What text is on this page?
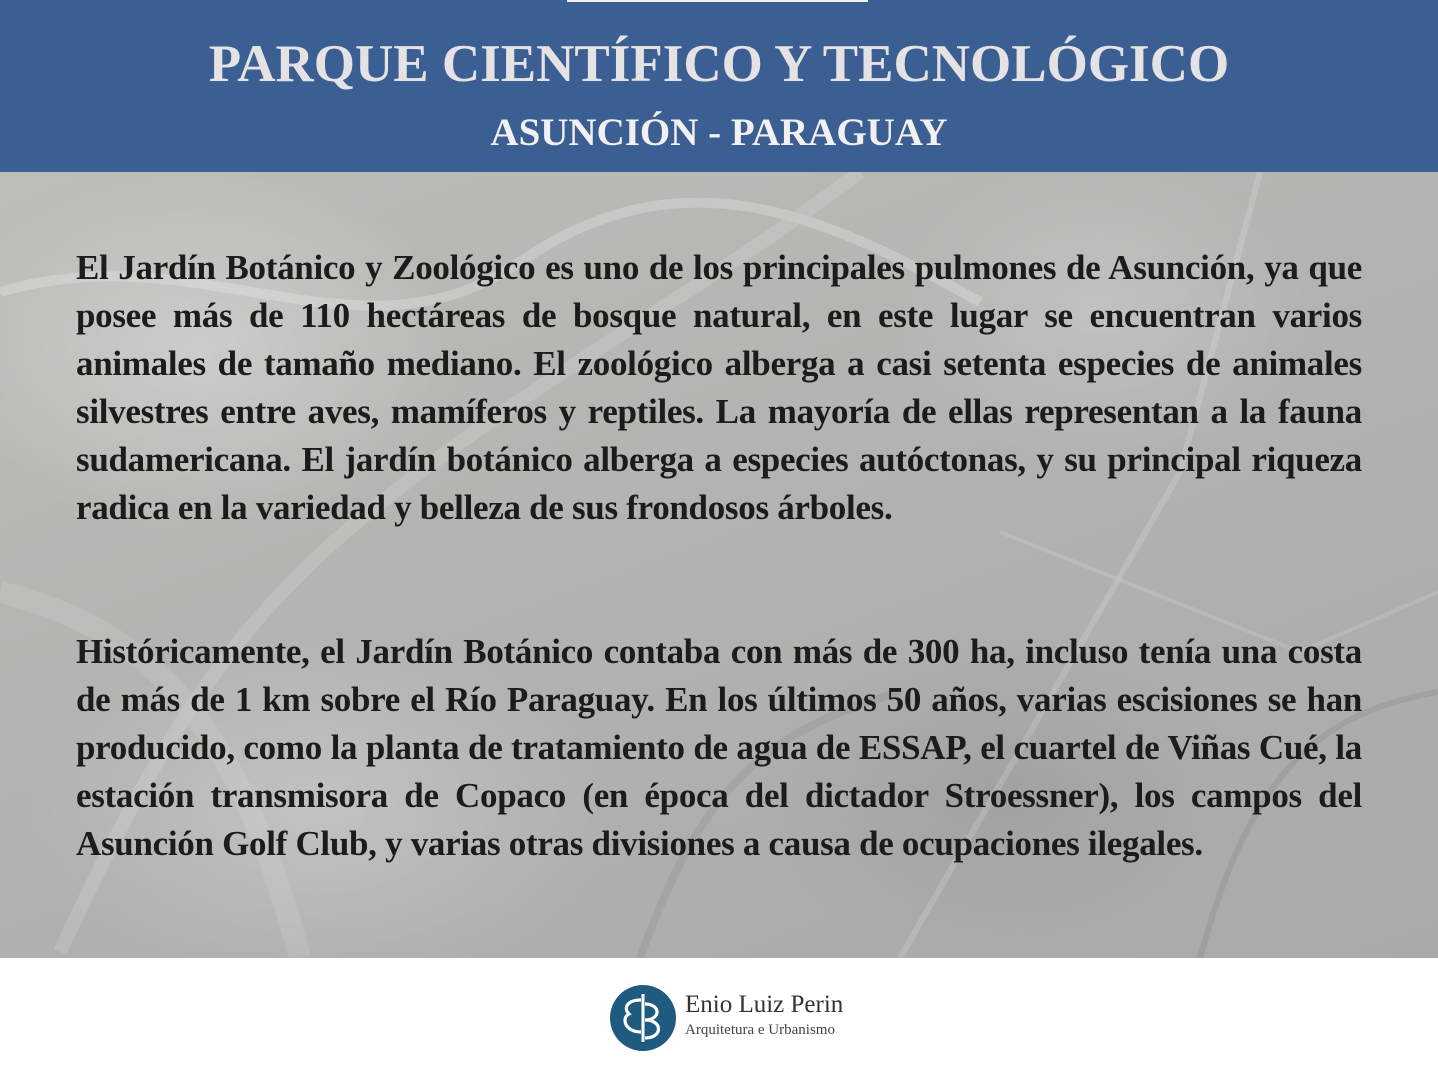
PARQUE CIENTÍFICO Y TECNOLÓGICO
ASUNCIÓN - PARAGUAY

El Jardín Botánico y Zoológico es uno de los principales pulmones de Asunción, ya que posee más de 110 hectáreas de bosque natural, en este lugar se encuentran varios animales de tamaño mediano. El zoológico alberga a casi setenta especies de animales silvestres entre aves, mamíferos y reptiles. La mayoría de ellas representan a la fauna sudamericana. El jardín botánico alberga a especies autóctonas, y su principal riqueza radica en la variedad y belleza de sus frondosos árboles.

Históricamente, el Jardín Botánico contaba con más de 300 ha, incluso tenía una costa de más de 1 km sobre el Río Paraguay. En los últimos 50 años, varias escisiones se han producido, como la planta de tratamiento de agua de ESSAP, el cuartel de Viñas Cué, la estación transmisora de Copaco (en época del dictador Stroessner), los campos del Asunción Golf Club, y varias otras divisiones a causa de ocupaciones ilegales.

Enio Luiz Perin
Arquitetura e Urbanismo
